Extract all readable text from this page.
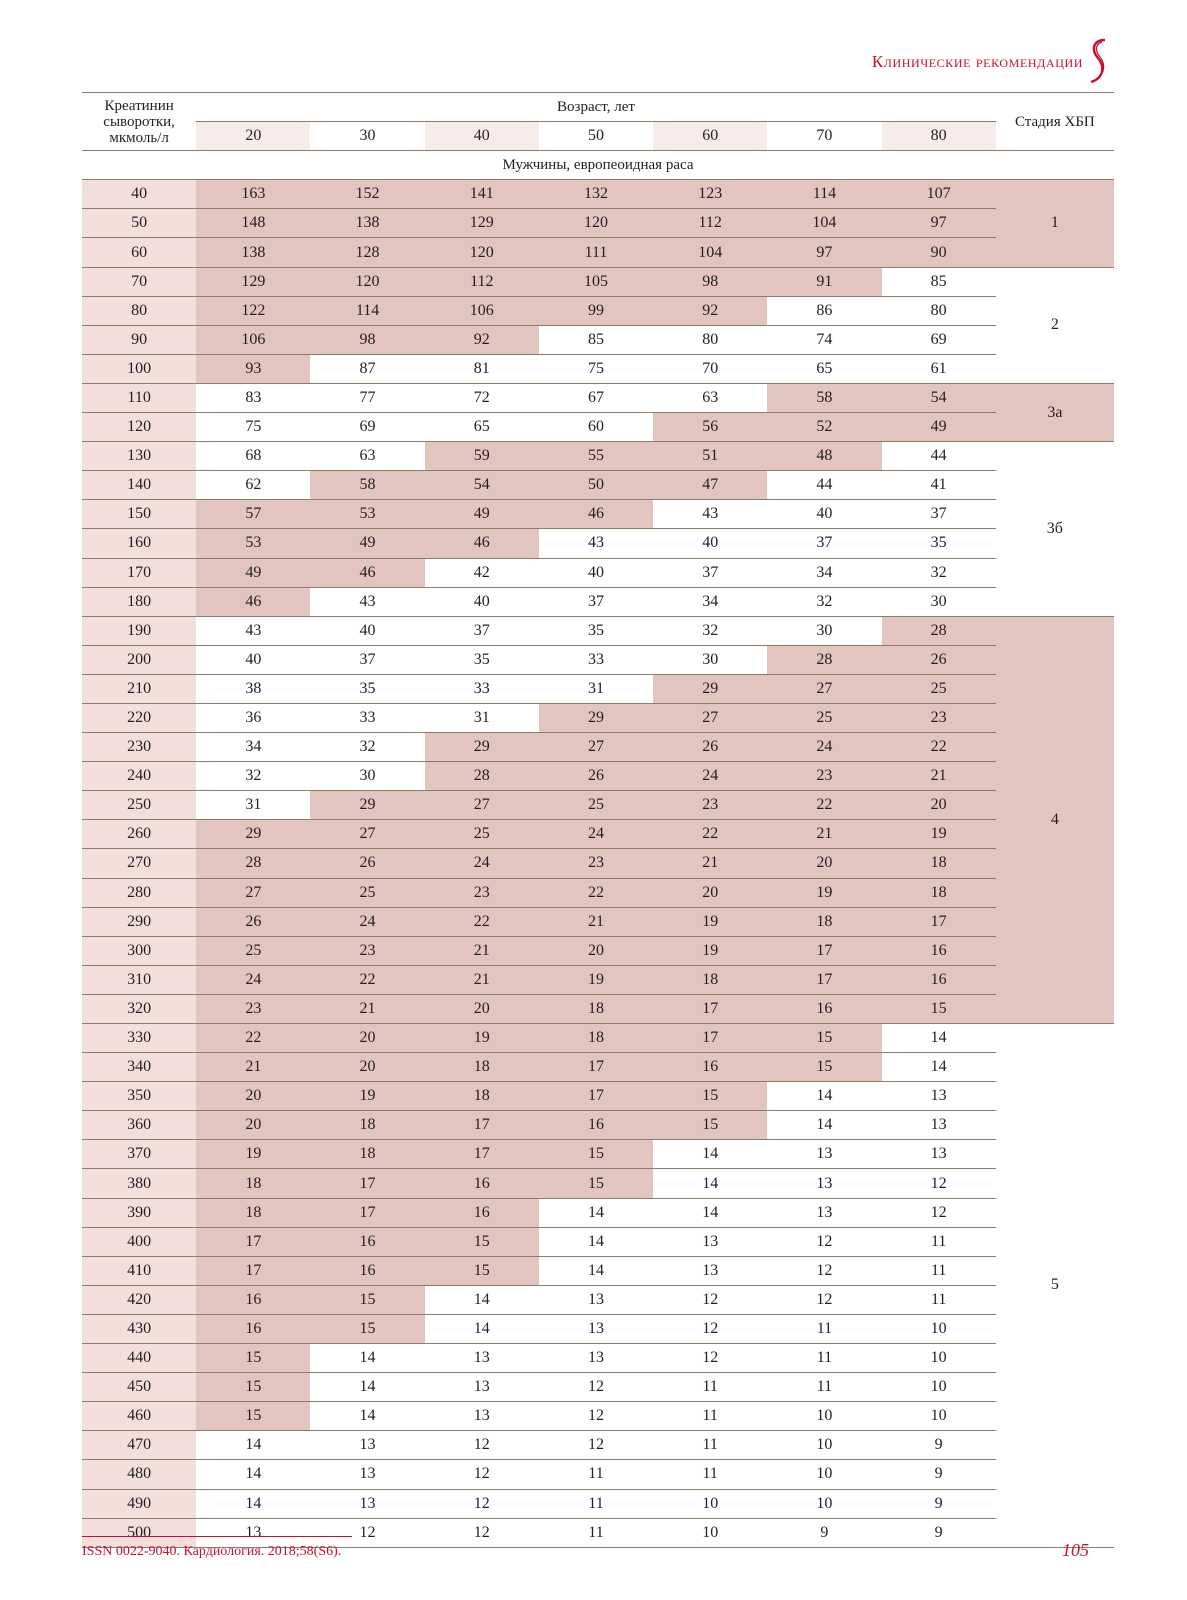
Клинические рекомендации
Креатинин сыворотки, мкмоль/л	Возраст, лет							Стадия ХБП
	20	30	40	50	60	70	80	
Мужчины, европеоидная раса								
40	163	152	141	132	123	114	107	1
50	148	138	129	120	112	104	97	
60	138	128	120	111	104	97	90	
70	129	120	112	105	98	91	85	2
80	122	114	106	99	92	86	80	
90	106	98	92	85	80	74	69	
100	93	87	81	75	70	65	61	
110	83	77	72	67	63	58	54	3а
120	75	69	65	60	56	52	49	
130	68	63	59	55	51	48	44	3б
140	62	58	54	50	47	44	41	
150	57	53	49	46	43	40	37	
160	53	49	46	43	40	37	35	
170	49	46	42	40	37	34	32	
180	46	43	40	37	34	32	30	
190	43	40	37	35	32	30	28	4
200	40	37	35	33	30	28	26	
210	38	35	33	31	29	27	25	
220	36	33	31	29	27	25	23	
230	34	32	29	27	26	24	22	
240	32	30	28	26	24	23	21	
250	31	29	27	25	23	22	20	
260	29	27	25	24	22	21	19	
270	28	26	24	23	21	20	18	
280	27	25	23	22	20	19	18	
290	26	24	22	21	19	18	17	
300	25	23	21	20	19	17	16	
310	24	22	21	19	18	17	16	
320	23	21	20	18	17	16	15	
330	22	20	19	18	17	15	14	5
340	21	20	18	17	16	15	14	
350	20	19	18	17	15	14	13	
360	20	18	17	16	15	14	13	
370	19	18	17	15	14	13	13	
380	18	17	16	15	14	13	12	
390	18	17	16	14	14	13	12	
400	17	16	15	14	13	12	11	
410	17	16	15	14	13	12	11	
420	16	15	14	13	12	12	11	
430	16	15	14	13	12	11	10	
440	15	14	13	13	12	11	10	
450	15	14	13	12	11	11	10	
460	15	14	13	12	11	10	10	
470	14	13	12	12	11	10	9	
480	14	13	12	11	11	10	9	
490	14	13	12	11	10	10	9	
500	13	12	12	11	10	9	9	
ISSN 0022-9040. Кардиология. 2018;58(S6).	105
